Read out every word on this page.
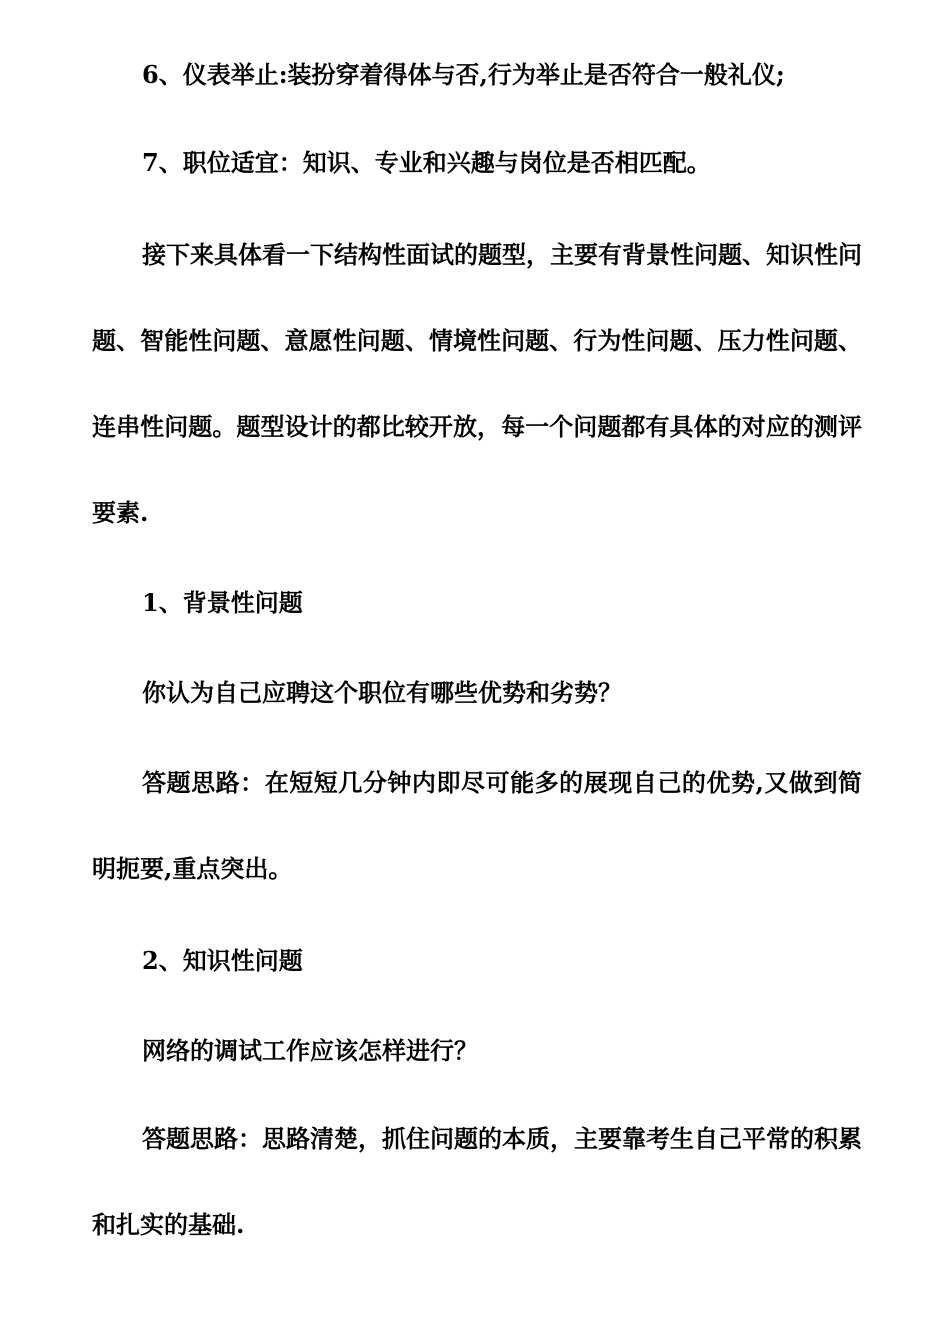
6、仪表举止:装扮穿着得体与否,行为举止是否符合一般礼仪;

7、职位适宜：知识、专业和兴趣与岗位是否相匹配。

接下来具体看一下结构性面试的题型，主要有背景性问题、知识性问题、智能性问题、意愿性问题、情境性问题、行为性问题、压力性问题、连串性问题。题型设计的都比较开放，每一个问题都有具体的对应的测评要素.

1、背景性问题

你认为自己应聘这个职位有哪些优势和劣势？

答题思路：在短短几分钟内即尽可能多的展现自己的优势,又做到简明扼要,重点突出。

2、知识性问题

网络的调试工作应该怎样进行？

答题思路：思路清楚，抓住问题的本质，主要靠考生自己平常的积累和扎实的基础.
